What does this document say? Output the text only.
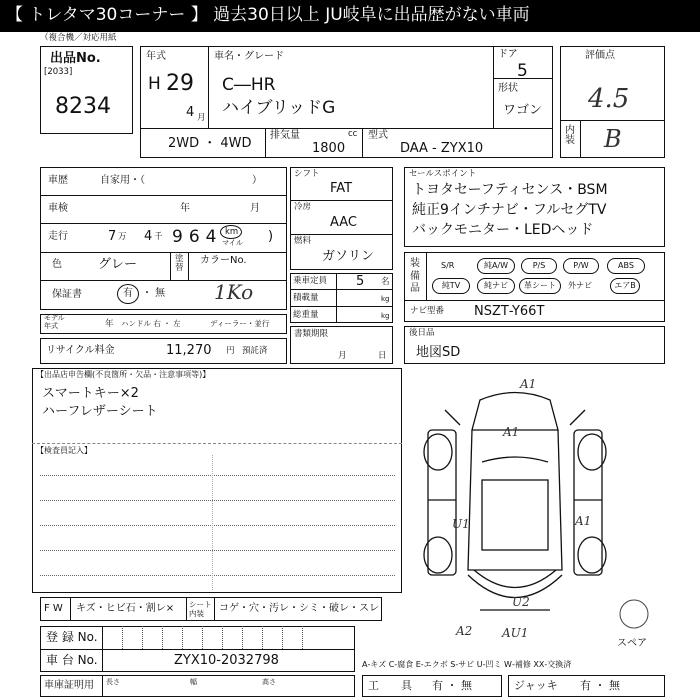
【 トレタマ30コーナー 】 過去30日以上 JU岐阜に出品歴がない車両
（複合機／対応用紙
出品No.
[2033]
8234
年式
H 29
4 月
車名・グレード
C―HR
ハイブリッドG
ドア
5
形状
ワゴン
2WD ・ 4WD
排気量	cc
1800
型式
DAA ‐ ZYX10
評価点
4.5
内装 B
車歴	自家用・（	）
車検	年	月
走行	7 万 4 千 964 km
マイル )
色	グレー	塗替
カラーNo.
保証書	有 ・ 無 1Ko
モデル
年式	年 ハンドル 右 ・ 左	ディーラー・並行
リサイクル料金	11,270 円 預託済
シフト
FAT
冷房
AAC
燃料
ガソリン
乗車定員 5 名
積載量	kg
総重量	kg
書類期限
月	日
セールスポイント
トヨタセーフティセンス・BSM
純正9インチナビ・フルセグTV
バックモニター・LEDヘッド
装備品
S/R	純A/W	P/S	P/W	ABS
純TV	純ナビ	革シート	外ナビ	エアB
ナビ型番 NSZT‐Y66T
後日品
地図SD
【出品店申告欄(不良箇所・欠品・注意事項等)】
スマートキー×2
ハーフレザーシート
【検査員記入】
A1
A1
U1	A1
U2
A2 AU1
スペア
F W キズ・ヒビ石・割レ× シート
内装	コゲ・穴・汚レ・シミ・破レ・スレ
登 録 No.
車 台 No.	ZYX10‐2032798
車庫証明用 長さ	幅	高さ
A‐キズ C‐腐食 E‐エクボ S‐サビ U‐凹ミ W‐補修 XX‐交換済
工　　具 有 ・ 無	ジャッキ 有 ・ 無
